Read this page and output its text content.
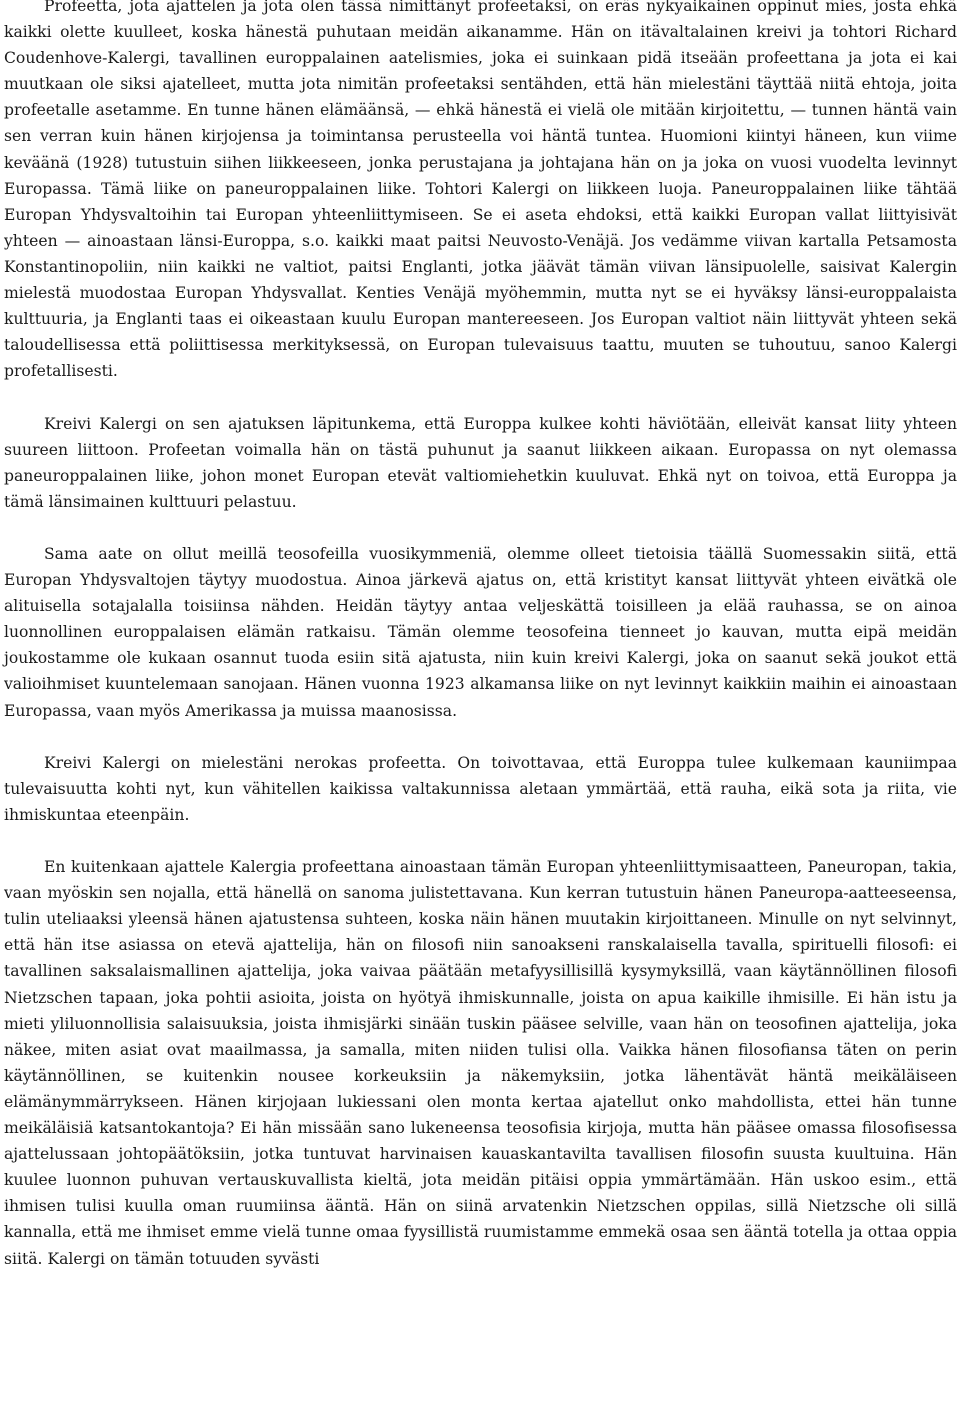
Profeetta, jota ajattelen ja jota olen tässä nimittänyt profeetaksi, on eräs nykyaikainen oppinut mies, josta ehkä kaikki olette kuulleet, koska hänestä puhutaan meidän aikanamme. Hän on itävaltalainen kreivi ja tohtori Richard Coudenhove-Kalergi, tavallinen europpalainen aatelismies, joka ei suinkaan pidä itseään profeettana ja jota ei kai muutkaan ole siksi ajatelleet, mutta jota nimitän profeetaksi sentähden, että hän mielestäni täyttää niitä ehtoja, joita profeetalle asetamme. En tunne hänen elämäänsä, — ehkä hänestä ei vielä ole mitään kirjoitettu, — tunnen häntä vain sen verran kuin hänen kirjojensa ja toimintansa perusteella voi häntä tuntea. Huomioni kiintyi häneen, kun viime keväänä (1928) tutustuin siihen liikkeeseen, jonka perustajana ja johtajana hän on ja joka on vuosi vuodelta levinnyt Europassa. Tämä liike on paneuroppalainen liike. Tohtori Kalergi on liikkeen luoja. Paneuroppalainen liike tähtää Europan Yhdysvaltoihin tai Europan yhteenliittymiseen. Se ei aseta ehdoksi, että kaikki Europan vallat liittyisivät yhteen — ainoastaan länsi-Europpa, s.o. kaikki maat paitsi Neuvosto-Venäjä. Jos vedämme viivan kartalla Petsamosta Konstantinopoliin, niin kaikki ne valtiot, paitsi Englanti, jotka jäävät tämän viivan länsipuolelle, saisivat Kalergin mielestä muodostaa Europan Yhdysvallat. Kenties Venäjä myöhemmin, mutta nyt se ei hyväksy länsi-europpalaista kulttuuria, ja Englanti taas ei oikeastaan kuulu Europan mantereeseen. Jos Europan valtiot näin liittyvät yhteen sekä taloudellisessa että poliittisessa merkityksessä, on Europan tulevaisuus taattu, muuten se tuhoutuu, sanoo Kalergi profetallisesti.

Kreivi Kalergi on sen ajatuksen läpitunkema, että Europpa kulkee kohti häviötään, elleivät kansat liity yhteen suureen liittoon. Profeetan voimalla hän on tästä puhunut ja saanut liikkeen aikaan. Europassa on nyt olemassa paneuroppalainen liike, johon monet Europan etevät valtiomiehetkin kuuluvat. Ehkä nyt on toivoa, että Europpa ja tämä länsimainen kulttuuri pelastuu.

Sama aate on ollut meillä teosofeilla vuosikymmeniä, olemme olleet tietoisia täällä Suomessakin siitä, että Europan Yhdysvaltojen täytyy muodostua. Ainoa järkevä ajatus on, että kristityt kansat liittyvät yhteen eivätkä ole alituisella sotajalalla toisiinsa nähden. Heidän täytyy antaa veljeskättä toisilleen ja elää rauhassa, se on ainoa luonnollinen europpalaisen elämän ratkaisu. Tämän olemme teosofeina tienneet jo kauvan, mutta eipä meidän joukostamme ole kukaan osannut tuoda esiin sitä ajatusta, niin kuin kreivi Kalergi, joka on saanut sekä joukot että valioihmiset kuuntelemaan sanojaan. Hänen vuonna 1923 alkamansa liike on nyt levinnyt kaikkiin maihin ei ainoastaan Europassa, vaan myös Amerikassa ja muissa maanosissa.

Kreivi Kalergi on mielestäni nerokas profeetta. On toivottavaa, että Europpa tulee kulkemaan kauniimpaa tulevaisuutta kohti nyt, kun vähitellen kaikissa valtakunnissa aletaan ymmärtää, että rauha, eikä sota ja riita, vie ihmiskuntaa eteenpäin.

En kuitenkaan ajattele Kalergia profeettana ainoastaan tämän Europan yhteenliittymisaatteen, Paneuropan, takia, vaan myöskin sen nojalla, että hänellä on sanoma julistettavana. Kun kerran tutustuin hänen Paneuropa-aatteeseensa, tulin uteliaaksi yleensä hänen ajatustensa suhteen, koska näin hänen muutakin kirjoittaneen. Minulle on nyt selvinnyt, että hän itse asiassa on etevä ajattelija, hän on filosofi niin sanoakseni ranskalaisella tavalla, spirituelli filosofi: ei tavallinen saksalaismallinen ajattelija, joka vaivaa päätään metafyysillisillä kysymyksillä, vaan käytännöllinen filosofi Nietzschen tapaan, joka pohtii asioita, joista on hyötyä ihmiskunnalle, joista on apua kaikille ihmisille. Ei hän istu ja mieti yliluonnollisia salaisuuksia, joista ihmisjärki sinään tuskin pääsee selville, vaan hän on teosofinen ajattelija, joka näkee, miten asiat ovat maailmassa, ja samalla, miten niiden tulisi olla. Vaikka hänen filosofiansa täten on perin käytännöllinen, se kuitenkin nousee korkeuksiin ja näkemyksiin, jotka lähentävät häntä meikäläiseen elämänymmärrykseen. Hänen kirjojaan lukiessani olen monta kertaa ajatellut onko mahdollista, ettei hän tunne meikäläisiä katsantokantoja? Ei hän missään sano lukeneensa teosofisia kirjoja, mutta hän pääsee omassa filosofisessa ajattelussaan johtopäätöksiin, jotka tuntuvat harvinaisen kauaskantavilta tavallisen filosofin suusta kuultuina. Hän kuulee luonnon puhuvan vertauskuvallista kieltä, jota meidän pitäisi oppia ymmärtämään. Hän uskoo esim., että ihmisen tulisi kuulla oman ruumiinsa ääntä. Hän on siinä arvatenkin Nietzschen oppilas, sillä Nietzsche oli sillä kannalla, että me ihmiset emme vielä tunne omaa fyysillistä ruumistamme emmekä osaa sen ääntä totella ja ottaa oppia siitä. Kalergi on tämän totuuden syvästi
